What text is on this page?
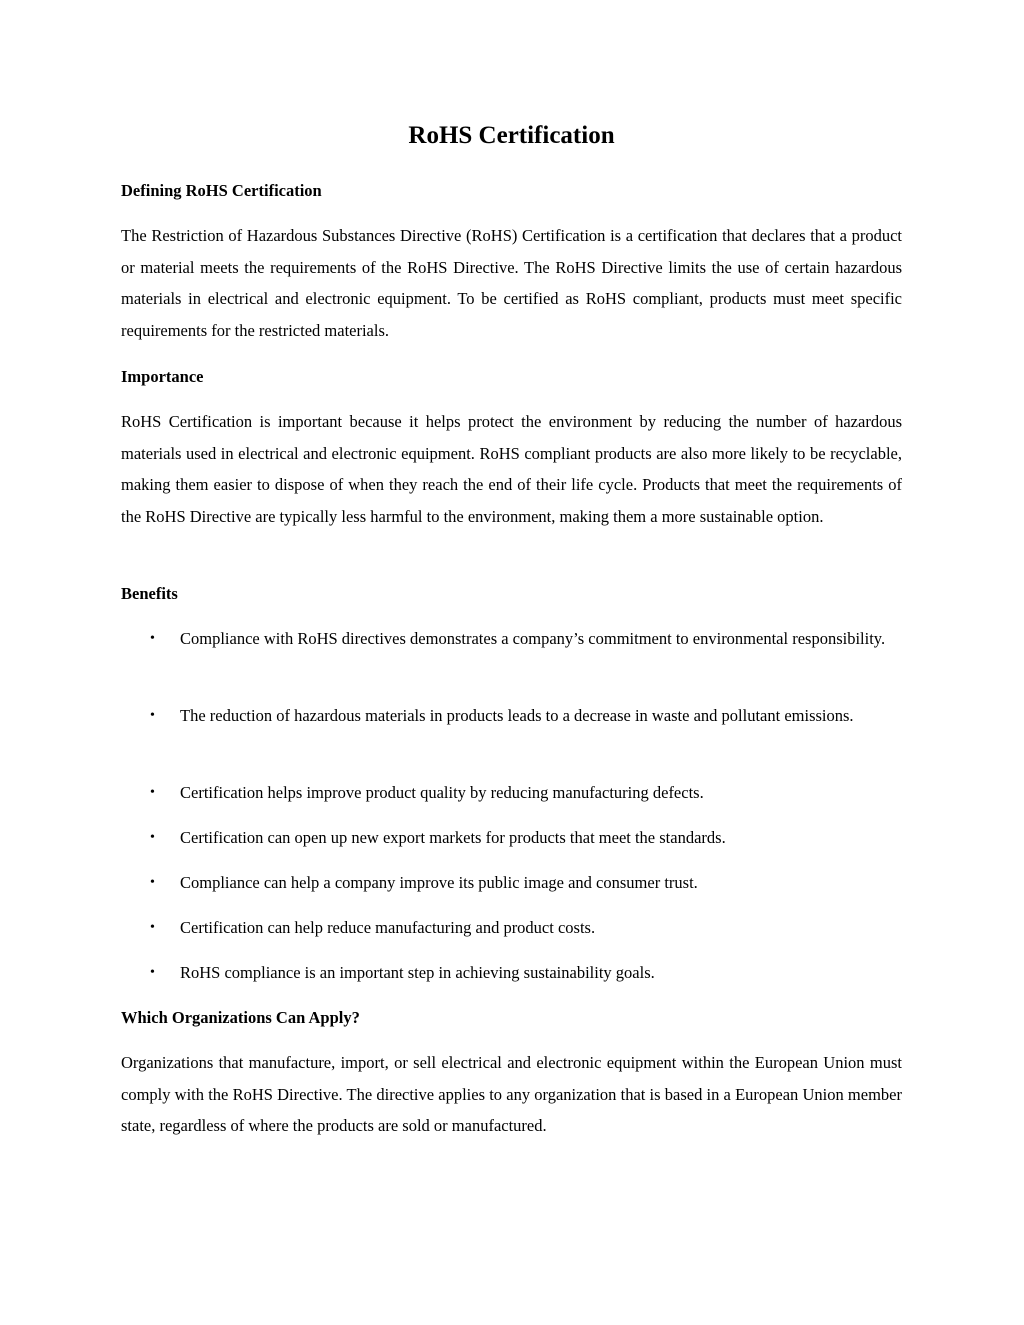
RoHS Certification
Defining RoHS Certification

The Restriction of Hazardous Substances Directive (RoHS) Certification is a certification that declares that a product or material meets the requirements of the RoHS Directive. The RoHS Directive limits the use of certain hazardous materials in electrical and electronic equipment. To be certified as RoHS compliant, products must meet specific requirements for the restricted materials.

Importance

RoHS Certification is important because it helps protect the environment by reducing the number of hazardous materials used in electrical and electronic equipment. RoHS compliant products are also more likely to be recyclable, making them easier to dispose of when they reach the end of their life cycle. Products that meet the requirements of the RoHS Directive are typically less harmful to the environment, making them a more sustainable option.

Benefits
• Compliance with RoHS directives demonstrates a company’s commitment to environmental responsibility.

• The reduction of hazardous materials in products leads to a decrease in waste and pollutant emissions.

• Certification helps improve product quality by reducing manufacturing defects.

• Certification can open up new export markets for products that meet the standards.

• Compliance can help a company improve its public image and consumer trust.

• Certification can help reduce manufacturing and product costs.

• RoHS compliance is an important step in achieving sustainability goals.

Which Organizations Can Apply?

Organizations that manufacture, import, or sell electrical and electronic equipment within the European Union must comply with the RoHS Directive. The directive applies to any organization that is based in a European Union member state, regardless of where the products are sold or manufactured.
